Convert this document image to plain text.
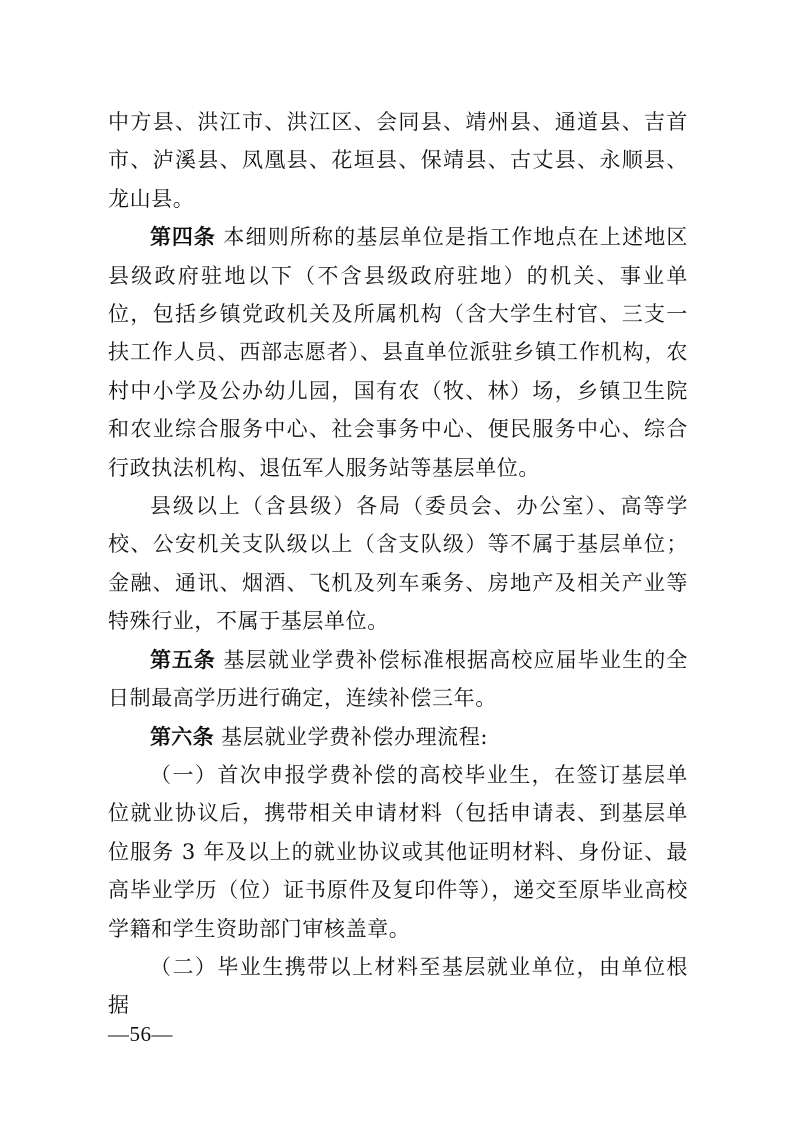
中方县、洪江市、洪江区、会同县、靖州县、通道县、吉首市、泸溪县、凤凰县、花垣县、保靖县、古丈县、永顺县、龙山县。

第四条 本细则所称的基层单位是指工作地点在上述地区县级政府驻地以下（不含县级政府驻地）的机关、事业单位，包括乡镇党政机关及所属机构（含大学生村官、三支一扶工作人员、西部志愿者）、县直单位派驻乡镇工作机构，农村中小学及公办幼儿园，国有农（牧、林）场，乡镇卫生院和农业综合服务中心、社会事务中心、便民服务中心、综合行政执法机构、退伍军人服务站等基层单位。

县级以上（含县级）各局（委员会、办公室）、高等学校、公安机关支队级以上（含支队级）等不属于基层单位；金融、通讯、烟酒、飞机及列车乘务、房地产及相关产业等特殊行业，不属于基层单位。

第五条 基层就业学费补偿标准根据高校应届毕业生的全日制最高学历进行确定，连续补偿三年。

第六条 基层就业学费补偿办理流程:

（一）首次申报学费补偿的高校毕业生，在签订基层单位就业协议后，携带相关申请材料（包括申请表、到基层单位服务 3 年及以上的就业协议或其他证明材料、身份证、最高毕业学历（位）证书原件及复印件等），递交至原毕业高校学籍和学生资助部门审核盖章。

（二）毕业生携带以上材料至基层就业单位，由单位根据

—56—
